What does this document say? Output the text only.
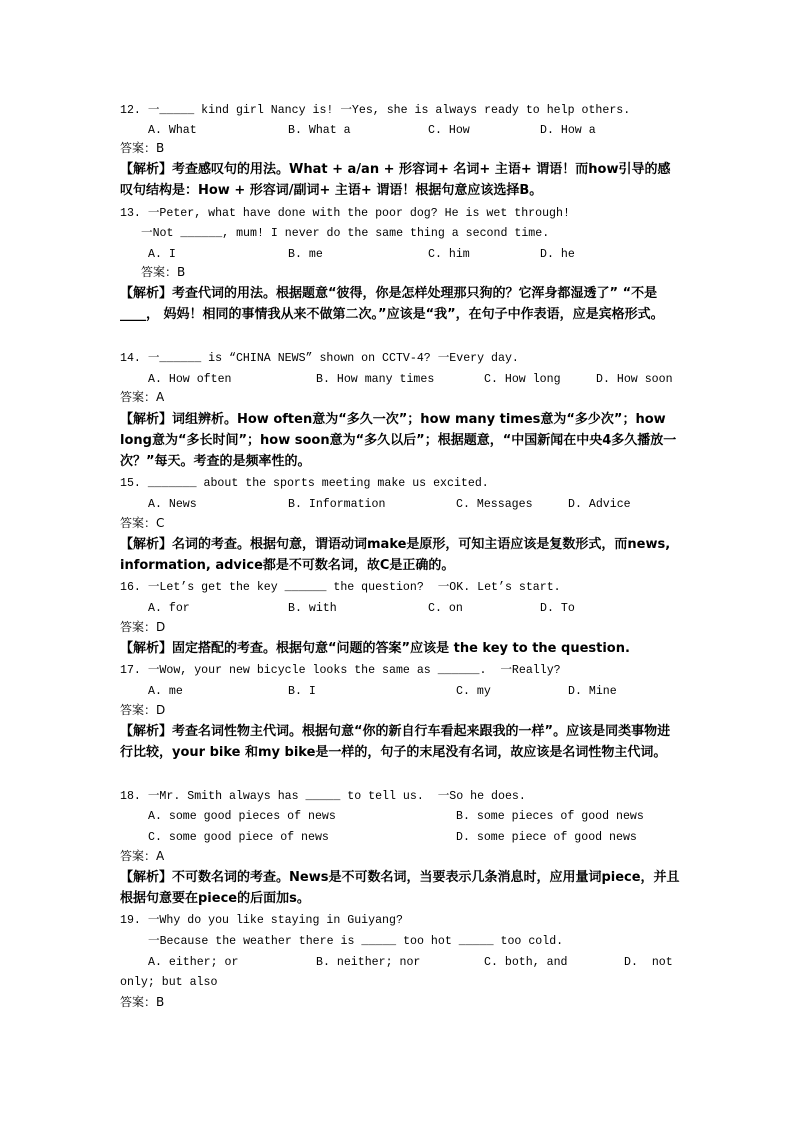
12. 一_____ kind girl Nancy is! 一Yes, she is always ready to help others.
A. What	B. What a	C. How	D. How a
答案：B
【解析】考查感叹句的用法。What + a/an + 形容词+ 名词+ 主语+ 谓语！而how引导的感叹句结构是：How + 形容词/副词+ 主语+ 谓语！根据句意应该选择B。
13. 一Peter, what have done with the poor dog? He is wet through!
一Not ______, mum! I never do the same thing a second time.
A. I	B. me	C. him	D. he
答案：B
【解析】考查代词的用法。根据题意“彼得，你是怎样处理那只狗的？它浑身都湿透了” “不是____， 妈妈！相同的事情我从来不做第二次。”应该是“我”，在句子中作表语，应是宾格形式。
14. 一______ is “CHINA NEWS” shown on CCTV-4? 一Every day.
A. How often	B. How many times	C. How long	D. How soon
答案：A
【解析】词组辨析。How often意为“多久一次”；how many times意为“多少次”；how long意为“多长时间”；how soon意为“多久以后”；根据题意，“中国新闻在中央4多久播放一次？”每天。考查的是频率性的。
15. _______ about the sports meeting make us excited.
A. News	B. Information	C. Messages	D. Advice
答案：C
【解析】名词的考查。根据句意，谓语动词make是原形，可知主语应该是复数形式，而news, information, advice都是不可数名词，故C是正确的。
16. 一Let’s get the key ______ the question?  一OK. Let’s start.
A. for	B. with	C. on	D. To
答案：D
【解析】固定搭配的考查。根据句意“问题的答案”应该是 the key to the question.
17. 一Wow, your new bicycle looks the same as ______.  一Really?
A. me	B. I	C. my	D. Mine
答案：D
【解析】考查名词性物主代词。根据句意“你的新自行车看起来跟我的一样”。应该是同类事物进行比较，your bike 和my bike是一样的，句子的末尾没有名词，故应该是名词性物主代词。
18. 一Mr. Smith always has _____ to tell us.  一So he does.
A. some good pieces of news	B. some pieces of good news
C. some good piece of news	D. some piece of good news
答案：A
【解析】不可数名词的考查。News是不可数名词，当要表示几条消息时，应用量词piece，并且根据句意要在piece的后面加s。
19. 一Why do you like staying in Guiyang?
一Because the weather there is _____ too hot _____ too cold.
A. either; or	B. neither; nor	C. both, and	D.  not
only; but also
答案：B
